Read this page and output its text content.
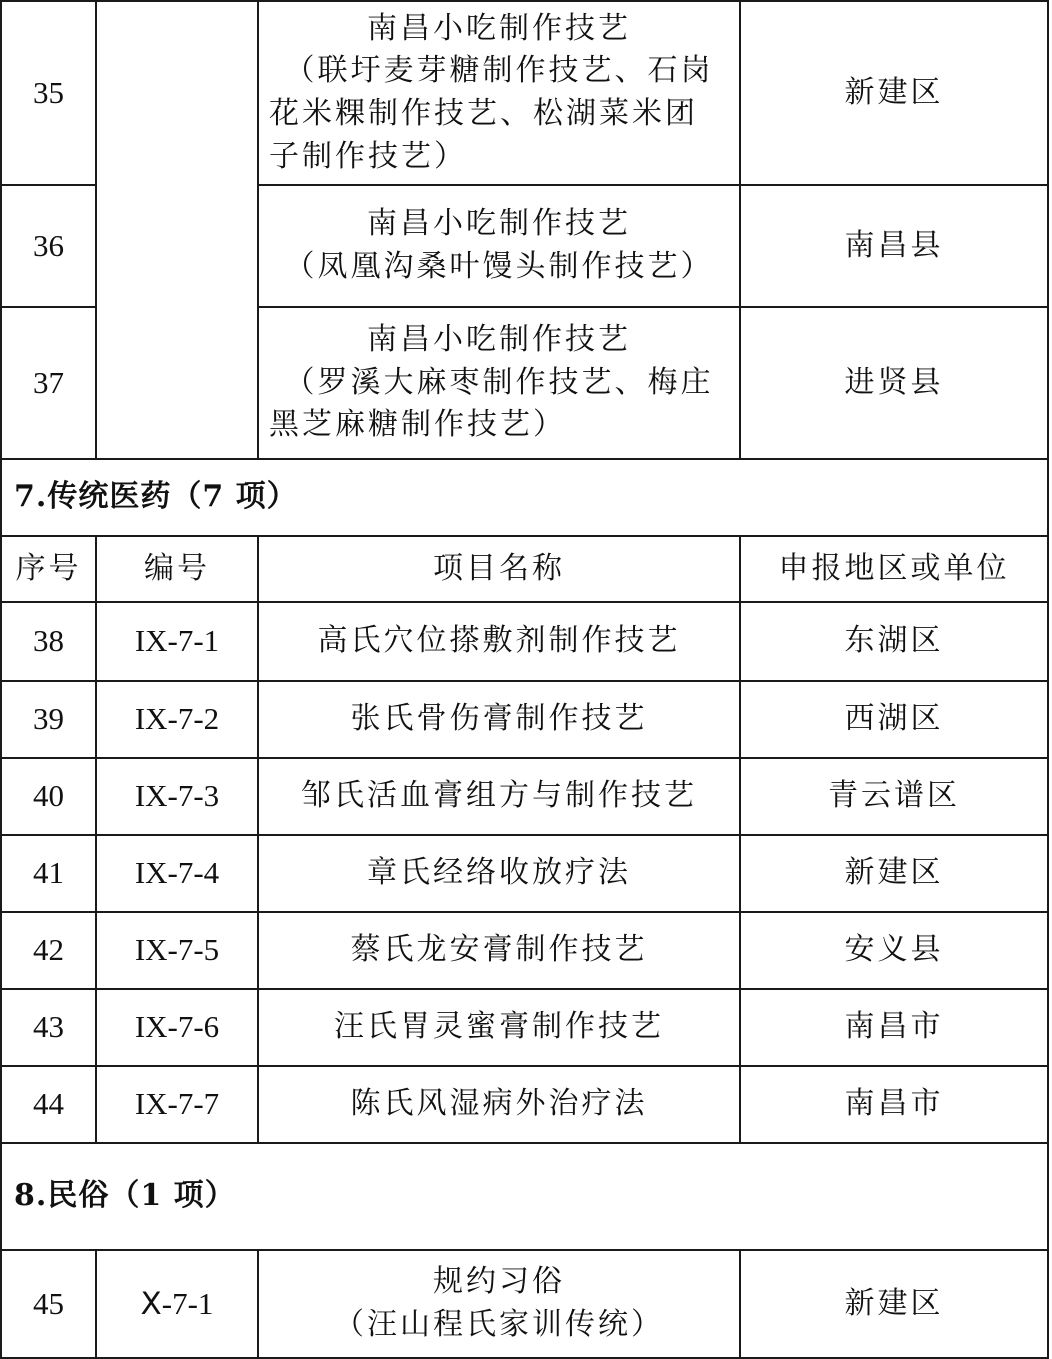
35		南昌小吃制作技艺
（联圩麦芽糖制作技艺、石岗
花米粿制作技艺、松湖菜米团
子制作技艺）	新建区
36		南昌小吃制作技艺
（凤凰沟桑叶馒头制作技艺）	南昌县
37		南昌小吃制作技艺
（罗溪大麻枣制作技艺、梅庄
黑芝麻糖制作技艺）	进贤县
7.传统医药（7 项）			
序号	编号	项目名称	申报地区或单位
38	IX-7-1	高氏穴位搽敷剂制作技艺	东湖区
39	IX-7-2	张氏骨伤膏制作技艺	西湖区
40	IX-7-3	邹氏活血膏组方与制作技艺	青云谱区
41	IX-7-4	章氏经络收放疗法	新建区
42	IX-7-5	蔡氏龙安膏制作技艺	安义县
43	IX-7-6	汪氏胃灵蜜膏制作技艺	南昌市
44	IX-7-7	陈氏风湿病外治疗法	南昌市
8.民俗（1 项）			
45	Ⅹ-7-1	规约习俗
（汪山程氏家训传统）	新建区
